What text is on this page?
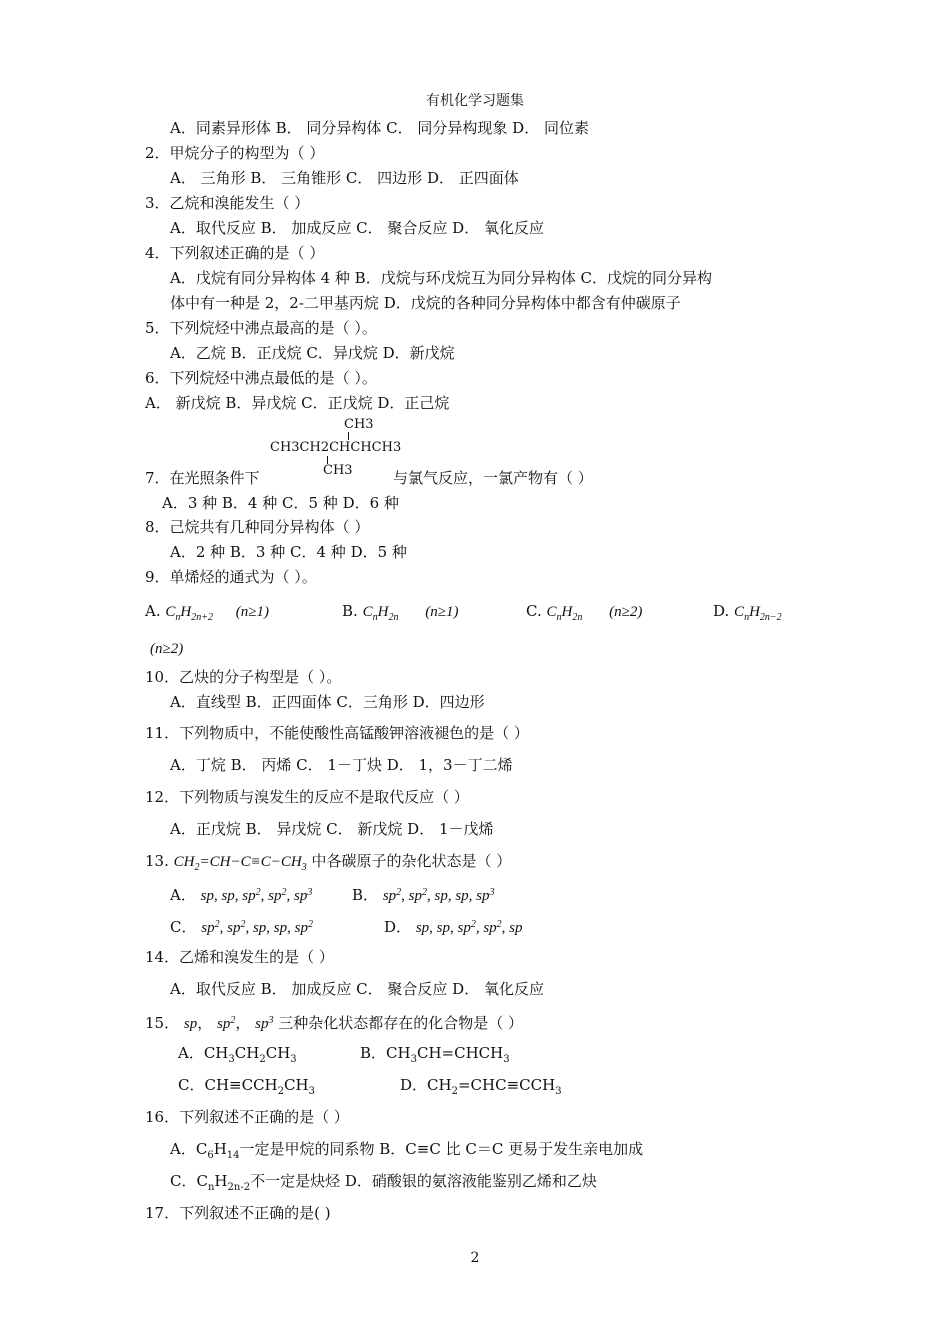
有机化学习题集
A．同素异形体 B． 同分异构体 C． 同分异构现象 D． 同位素
2．甲烷分子的构型为（ ）
A． 三角形 B． 三角锥形 C． 四边形 D． 正四面体
3．乙烷和溴能发生（ ）
A．取代反应 B． 加成反应 C． 聚合反应 D． 氧化反应
4．下列叙述正确的是（ ）
A．戊烷有同分异构体 4 种 B．戊烷与环戊烷互为同分异构体 C．戊烷的同分异构
体中有一种是 2，2-二甲基丙烷 D．戊烷的各种同分异构体中都含有仲碳原子
5．下列烷烃中沸点最高的是（ ）。
A．乙烷 B．正戊烷 C．异戊烷 D．新戊烷
6．下列烷烃中沸点最低的是（ ）。
A． 新戊烷 B．异戊烷 C．正戊烷 D．正己烷
CH3
CH3CH2CHCHCH3
CH3
7．在光照条件下	与氯气反应，一氯产物有（ ）
A．3 种 B．4 种 C．5 种 D．6 种
8．己烷共有几种同分异构体（ ）
A．2 种 B．3 种 C．4 种 D．5 种
9．单烯烃的通式为（ ）。
A. $C_nH_{2n+2}$ (n≥1)	B. $C_nH_{2n}$ (n≥1)	C. $C_nH_{2n}$ (n≥2)	D. $C_nH_{2n-2}$
(n≥2)
10．乙炔的分子构型是（ ）。
A．直线型 B．正四面体 C．三角形 D．四边形
11．下列物质中，不能使酸性高锰酸钾溶液褪色的是（ ）
A．丁烷 B． 丙烯 C． 1－丁炔 D． 1，3－丁二烯
12．下列物质与溴发生的反应不是取代反应（ ）
A．正戊烷 B． 异戊烷 C． 新戊烷 D． 1－戊烯
13. $CH_2=CH-C\equiv C-CH_3$ 中各碳原子的杂化状态是（ ）
A． sp, sp, $sp^2$, $sp^2$, $sp^3$	B． $sp^2$, $sp^2$, sp, sp, $sp^3$
C． $sp^2$, $sp^2$, sp, sp, $sp^2$	D． sp, sp, $sp^2$, $sp^2$, sp
14．乙烯和溴发生的是（ ）
A．取代反应 B． 加成反应 C． 聚合反应 D． 氧化反应
15． sp， $sp^2$， $sp^3$ 三种杂化状态都存在的化合物是（ ）
A．$CH_3CH_2CH_3$	B．$CH_3CH=CHCH_3$
C．$CH\equiv CCH_2CH_3$	D．$CH_2=CHC\equiv CCH_3$
16．下列叙述不正确的是（ ）
A．$C_6H_{14}$一定是甲烷的同系物 B．C≡C 比 C＝C 更易于发生亲电加成
C．$C_nH_{2n-2}$不一定是炔烃 D．硝酸银的氨溶液能鉴别乙烯和乙炔
17．下列叙述不正确的是( )
2
